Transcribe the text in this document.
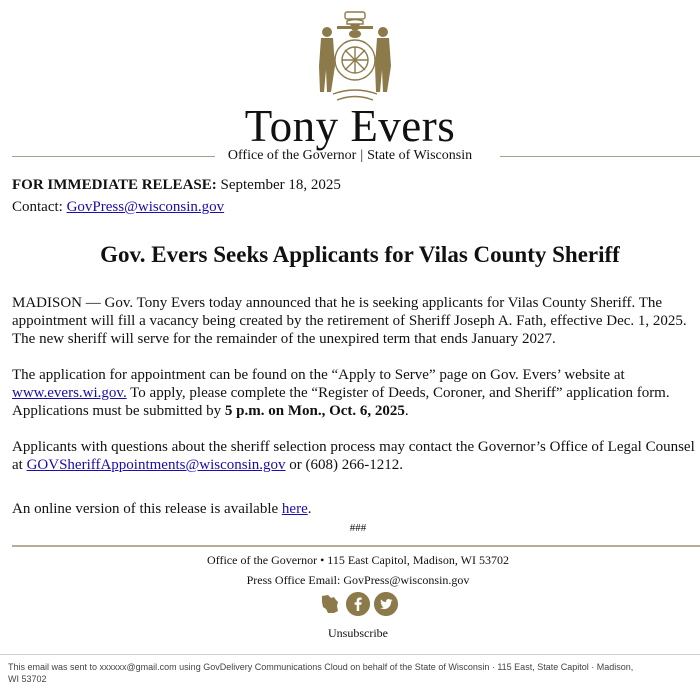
Tony Evers
Office of the Governor | State of Wisconsin
FOR IMMEDIATE RELEASE: September 18, 2025
Contact: GovPress@wisconsin.gov
Gov. Evers Seeks Applicants for Vilas County Sheriff
MADISON — Gov. Tony Evers today announced that he is seeking applicants for Vilas County Sheriff. The appointment will fill a vacancy being created by the retirement of Sheriff Joseph A. Fath, effective Dec. 1, 2025. The new sheriff will serve for the remainder of the unexpired term that ends January 2027.
The application for appointment can be found on the “Apply to Serve” page on Gov. Evers’ website at
www.evers.wi.gov. To apply, please complete the “Register of Deeds, Coroner, and Sheriff” application form. Applications must be submitted by 5 p.m. on Mon., Oct. 6, 2025.
Applicants with questions about the sheriff selection process may contact the Governor’s Office of Legal Counsel at GOVSheriffAppointments@wisconsin.gov or (608) 266-1212.
An online version of this release is available here.
###
Office of the Governor • 115 East Capitol, Madison, WI 53702
Press Office Email: GovPress@wisconsin.gov
Unsubscribe
This email was sent to xxxxxx@gmail.com using GovDelivery Communications Cloud on behalf of the State of Wisconsin · 115 East, State Capitol · Madison, WI 53702
